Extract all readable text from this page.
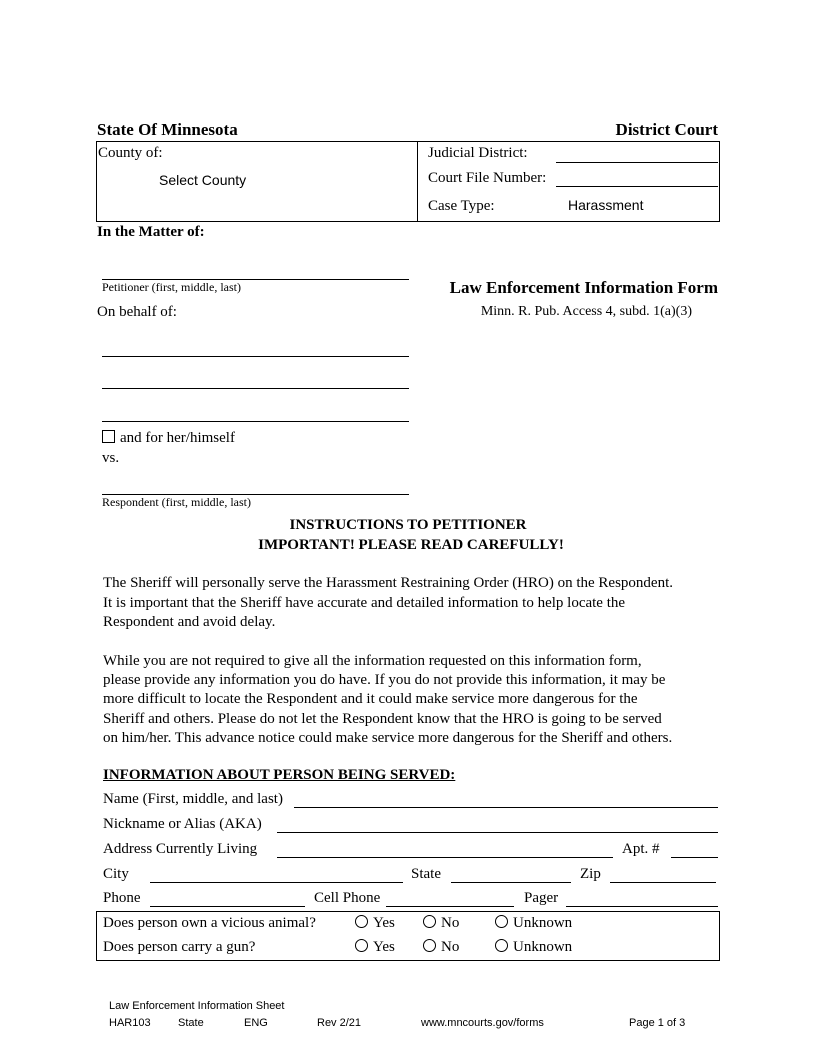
State Of Minnesota	District Court
County of:
Select County
Judicial District:
Court File Number:
Case Type:	Harassment
In the Matter of:
Petitioner (first, middle, last)
On behalf of:
and for her/himself
vs.
Respondent (first, middle, last)
Law Enforcement Information Form
Minn. R. Pub. Access 4, subd. 1(a)(3)
INSTRUCTIONS TO PETITIONER
IMPORTANT! PLEASE READ CAREFULLY!
The Sheriff will personally serve the Harassment Restraining Order (HRO) on the Respondent.
It is important that the Sheriff have accurate and detailed information to help locate the
Respondent and avoid delay.
While you are not required to give all the information requested on this information form,
please provide any information you do have. If you do not provide this information, it may be
more difficult to locate the Respondent and it could make service more dangerous for the
Sheriff and others. Please do not let the Respondent know that the HRO is going to be served
on him/her. This advance notice could make service more dangerous for the Sheriff and others.
INFORMATION ABOUT PERSON BEING SERVED:
Name (First, middle, and last)
Nickname or Alias (AKA)
Address Currently Living	Apt. #
City	State	Zip
Phone	Cell Phone	Pager
Does person own a vicious animal?	Yes	No	Unknown
Does person carry a gun?	Yes	No	Unknown
Law Enforcement Information Sheet
HAR103 State	ENG	Rev 2/21	www.mncourts.gov/forms	Page 1 of 3
